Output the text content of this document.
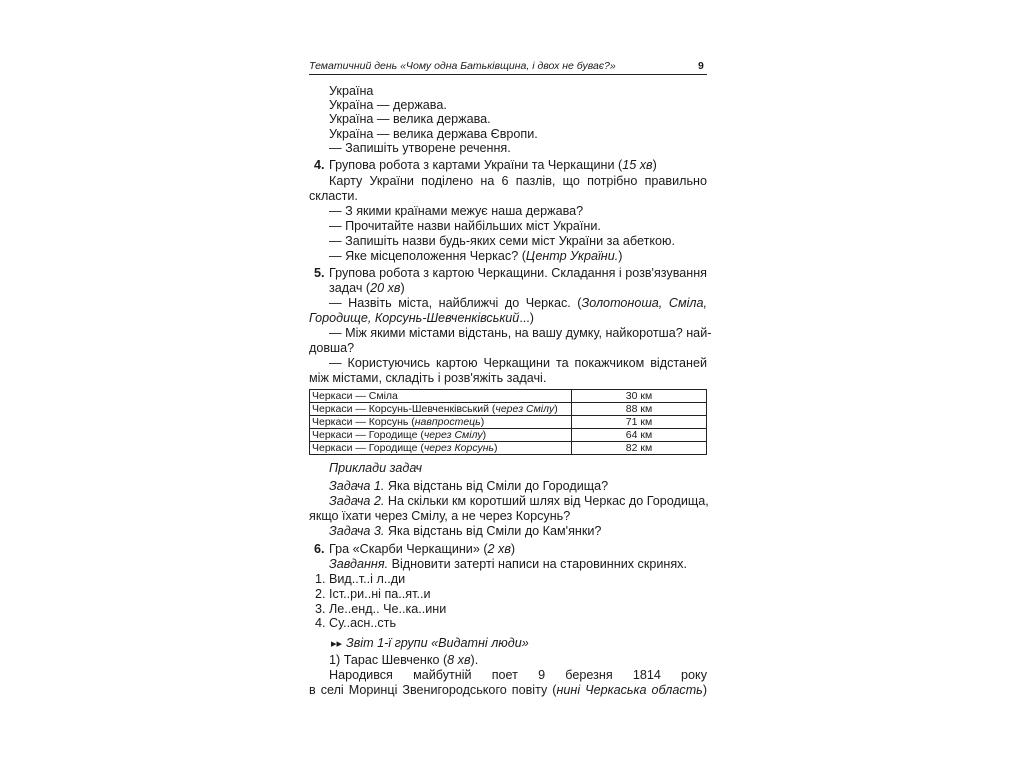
Тематичний день «Чому одна Батьківщина, і двох не буває?»	9
Україна
Україна — держава.
Україна — велика держава.
Україна — велика держава Європи.
— Запишіть утворене речення.
4. Групова робота з картами України та Черкащини (15 хв)
Карту України поділено на 6 пазлів, що потрібно правильно
скласти.
— З якими країнами межує наша держава?
— Прочитайте назви найбільших міст України.
— Запишіть назви будь-яких семи міст України за абеткою.
— Яке місцеположення Черкас? (Центр України.)
5. Групова робота з картою Черкащини. Складання і розв'язування
задач (20 хв)
— Назвіть міста, найближчі до Черкас. (Золотоноша, Сміла,
Городище, Корсунь-Шевченківський...)
— Між якими містами відстань, на вашу думку, найкоротша? най-
довша?
— Користуючись картою Черкащини та покажчиком відстаней
між містами, складіть і розв'яжіть задачі.
Черкаси — Сміла	30 км
Черкаси — Корсунь-Шевченківський (через Смілу)	88 км
Черкаси — Корсунь (навпростець)	71 км
Черкаси — Городище (через Смілу)	64 км
Черкаси — Городище (через Корсунь)	82 км
Приклади задач
Задача 1. Яка відстань від Сміли до Городища?
Задача 2. На скільки км коротший шлях від Черкас до Городища,
якщо їхати через Смілу, а не через Корсунь?
Задача 3. Яка відстань від Сміли до Кам'янки?
6. Гра «Скарби Черкащини» (2 хв)
Завдання. Відновити затерті написи на старовинних скринях.
1. Вид..т..і л..ди
2. Іст..ри..ні па..ят..и
3. Ле..енд.. Че..ка..ини
4. Су..асн..сть
▸▸ Звіт 1-ї групи «Видатні люди»
1) Тарас Шевченко (8 хв).
Народився майбутній поет 9 березня 1814 року
в селі Моринці Звенигородського повіту (нині Черкаська область)
